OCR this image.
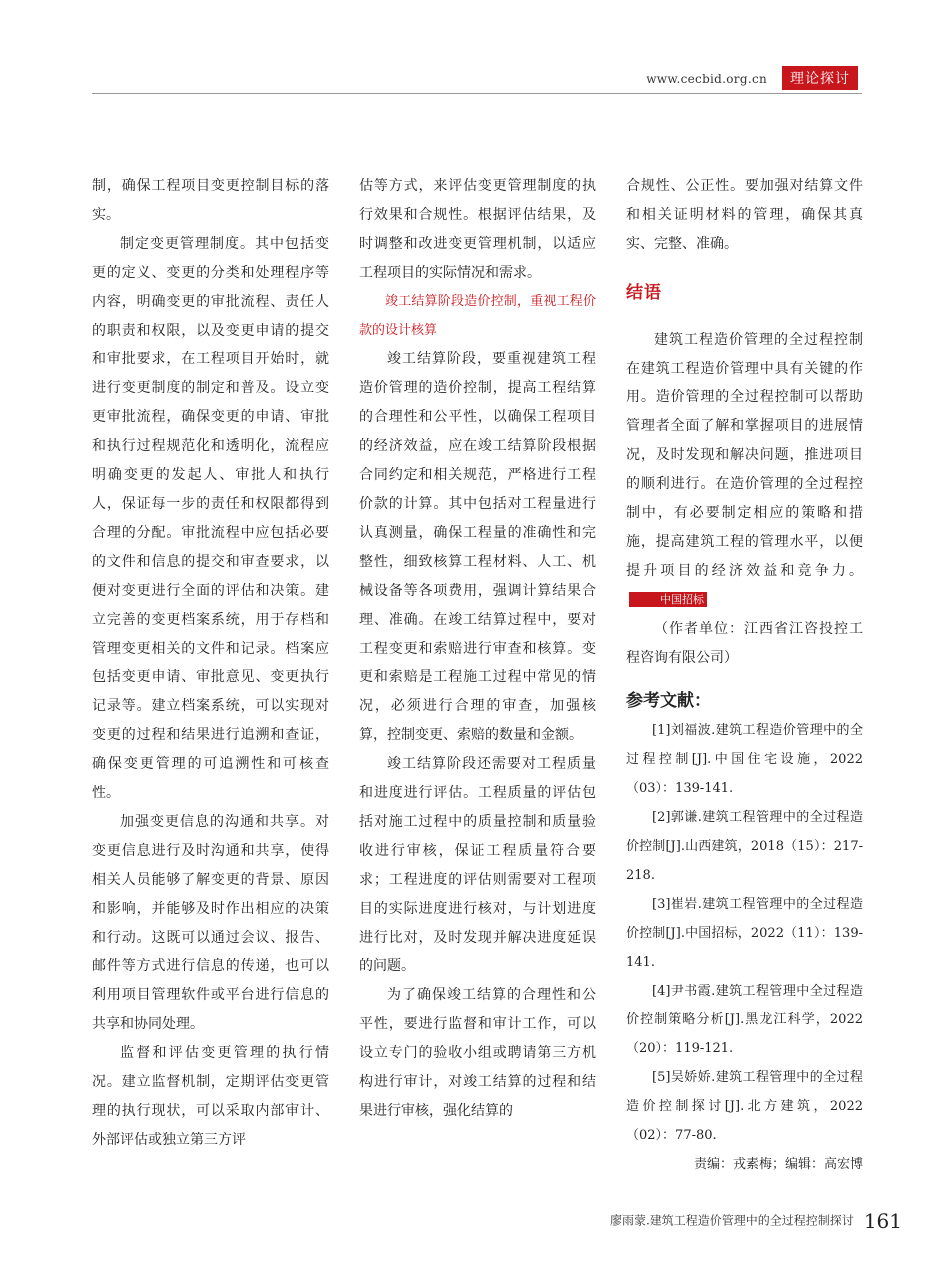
www.cecbid.org.cn	理论探讨

制，确保工程项目变更控制目标的落实。

制定变更管理制度。其中包括变更的定义、变更的分类和处理程序等内容，明确变更的审批流程、责任人的职责和权限，以及变更申请的提交和审批要求，在工程项目开始时，就进行变更制度的制定和普及。设立变更审批流程，确保变更的申请、审批和执行过程规范化和透明化，流程应明确变更的发起人、审批人和执行人，保证每一步的责任和权限都得到合理的分配。审批流程中应包括必要的文件和信息的提交和审查要求，以便对变更进行全面的评估和决策。建立完善的变更档案系统，用于存档和管理变更相关的文件和记录。档案应包括变更申请、审批意见、变更执行记录等。建立档案系统，可以实现对变更的过程和结果进行追溯和查证，确保变更管理的可追溯性和可核查性。

加强变更信息的沟通和共享。对变更信息进行及时沟通和共享，使得相关人员能够了解变更的背景、原因和影响，并能够及时作出相应的决策和行动。这既可以通过会议、报告、邮件等方式进行信息的传递，也可以利用项目管理软件或平台进行信息的共享和协同处理。

监督和评估变更管理的执行情况。建立监督机制，定期评估变更管理的执行现状，可以采取内部审计、外部评估或独立第三方评

估等方式，来评估变更管理制度的执行效果和合规性。根据评估结果，及时调整和改进变更管理机制，以适应工程项目的实际情况和需求。

竣工结算阶段造价控制，重视工程价款的设计核算

竣工结算阶段，要重视建筑工程造价管理的造价控制，提高工程结算的合理性和公平性，以确保工程项目的经济效益，应在竣工结算阶段根据合同约定和相关规范，严格进行工程价款的计算。其中包括对工程量进行认真测量，确保工程量的准确性和完整性，细致核算工程材料、人工、机械设备等各项费用，强调计算结果合理、准确。在竣工结算过程中，要对工程变更和索赔进行审查和核算。变更和索赔是工程施工过程中常见的情况，必须进行合理的审查，加强核算，控制变更、索赔的数量和金额。

竣工结算阶段还需要对工程质量和进度进行评估。工程质量的评估包括对施工过程中的质量控制和质量验收进行审核，保证工程质量符合要求；工程进度的评估则需要对工程项目的实际进度进行核对，与计划进度进行比对，及时发现并解决进度延误的问题。

为了确保竣工结算的合理性和公平性，要进行监督和审计工作，可以设立专门的验收小组或聘请第三方机构进行审计，对竣工结算的过程和结果进行审核，强化结算的

合规性、公正性。要加强对结算文件和相关证明材料的管理，确保其真实、完整、准确。

结语

建筑工程造价管理的全过程控制在建筑工程造价管理中具有关键的作用。造价管理的全过程控制可以帮助管理者全面了解和掌握项目的进展情况，及时发现和解决问题，推进项目的顺利进行。在造价管理的全过程控制中，有必要制定相应的策略和措施，提高建筑工程的管理水平，以便提升项目的经济效益和竞争力。中国招标

（作者单位：江西省江咨投控工程咨询有限公司）

参考文献：

[1]刘福波.建筑工程造价管理中的全过程控制[J].中国住宅设施，2022（03）：139-141.

[2]郭谦.建筑工程管理中的全过程造价控制[J].山西建筑，2018（15）：217-218.

[3]崔岩.建筑工程管理中的全过程造价控制[J].中国招标，2022（11）：139-141.

[4]尹书霞.建筑工程管理中全过程造价控制策略分析[J].黑龙江科学，2022（20）：119-121.

[5]吴娇娇.建筑工程管理中的全过程造价控制探讨[J].北方建筑，2022（02）：77-80.

责编：戎素梅；编辑：高宏博

廖雨蒙.建筑工程造价管理中的全过程控制探讨 161
